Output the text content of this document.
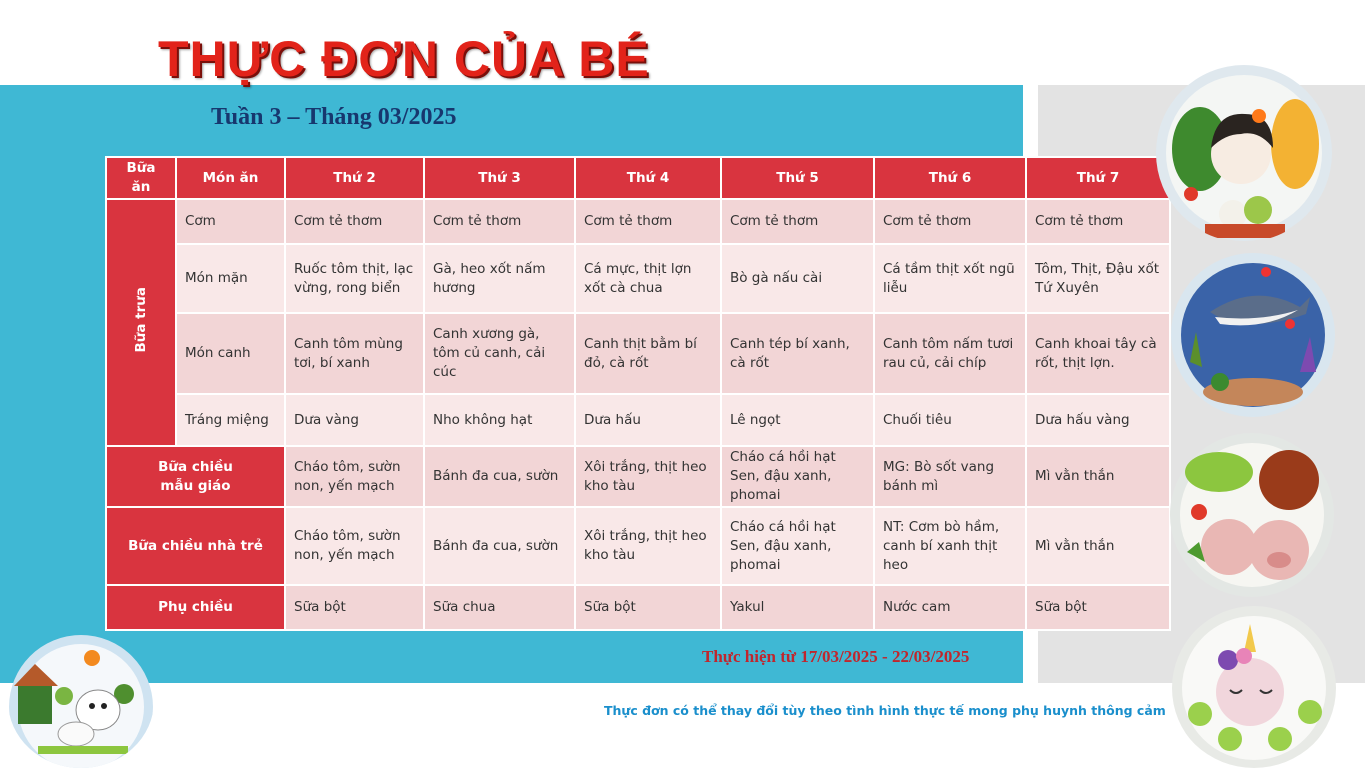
THỰC ĐƠN CỦA BÉ
Tuần 3 – Tháng 03/2025
Bữa ăn	Món ăn	Thứ 2	Thứ 3	Thứ 4	Thứ 5	Thứ 6	Thứ 7
Bữa trưa	Cơm	Cơm tẻ thơm	Cơm tẻ thơm	Cơm tẻ thơm	Cơm tẻ thơm	Cơm tẻ thơm	Cơm tẻ thơm
	Món mặn	Ruốc tôm thịt, lạc vừng, rong biển	Gà, heo xốt nấm hương	Cá mực, thịt lợn xốt cà chua	Bò gà nấu cài	Cá tầm thịt xốt ngũ liễu	Tôm, Thịt, Đậu xốt Tứ Xuyên
	Món canh	Canh tôm mùng tơi, bí xanh	Canh xương gà, tôm củ canh, cải cúc	Canh thịt bằm bí đỏ, cà rốt	Canh tép bí xanh, cà rốt	Canh tôm nấm tươi rau củ, cải chíp	Canh khoai tây cà rốt, thịt lợn.
	Tráng miệng	Dưa vàng	Nho không hạt	Dưa hấu	Lê ngọt	Chuối tiêu	Dưa hấu vàng
Bữa chiều mẫu giáo		Cháo tôm, sườn non, yến mạch	Bánh đa cua, sườn	Xôi trắng, thịt heo kho tàu	Cháo cá hồi hạt Sen, đậu xanh, phomai	MG: Bò sốt vang bánh mì	Mì vằn thắn
Bữa chiều nhà trẻ		Cháo tôm, sườn non, yến mạch	Bánh đa cua, sườn	Xôi trắng, thịt heo kho tàu	Cháo cá hồi hạt Sen, đậu xanh, phomai	NT: Cơm bò hầm, canh bí xanh thịt heo	Mì vằn thắn
Phụ chiều		Sữa bột	Sữa chua	Sữa bột	Yakul	Nước cam	Sữa bột
Thực hiện từ 17/03/2025 - 22/03/2025
Thực đơn có thể thay đổi tùy theo tình hình thực tế mong phụ huynh thông cảm
